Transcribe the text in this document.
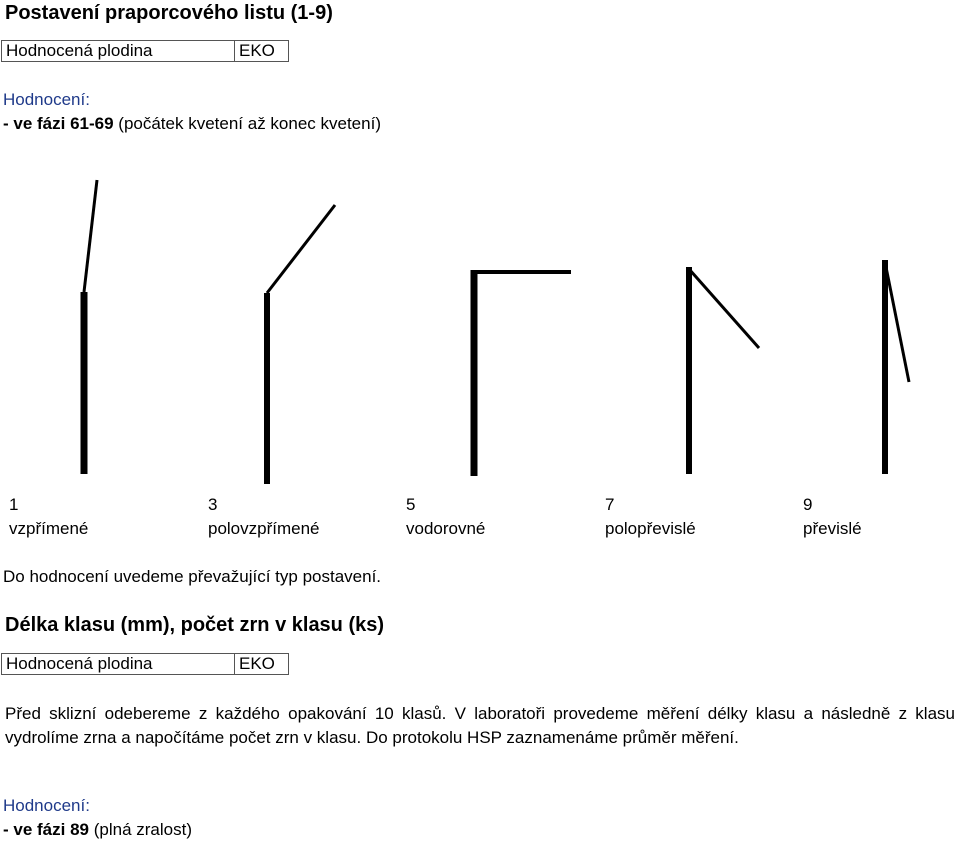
Postavení praporcového listu (1-9)
Hodnocená plodina	EKO
Hodnocení:
- ve fázi 61-69 (počátek kvetení až konec kvetení)
1
vzpřímené
3
polovzpřímené
5
vodorovné
7
polopřevislé
9
převislé
Do hodnocení uvedeme převažující typ postavení.
Délka klasu (mm), počet zrn v klasu (ks)
Hodnocená plodina	EKO
Před sklizní odebereme z každého opakování 10 klasů. V laboratoři provedeme měření délky klasu a následně z klasu vydrolíme zrna a napočítáme počet zrn v klasu. Do protokolu HSP zaznamenáme průměr měření.
Hodnocení:
- ve fázi 89 (plná zralost)
